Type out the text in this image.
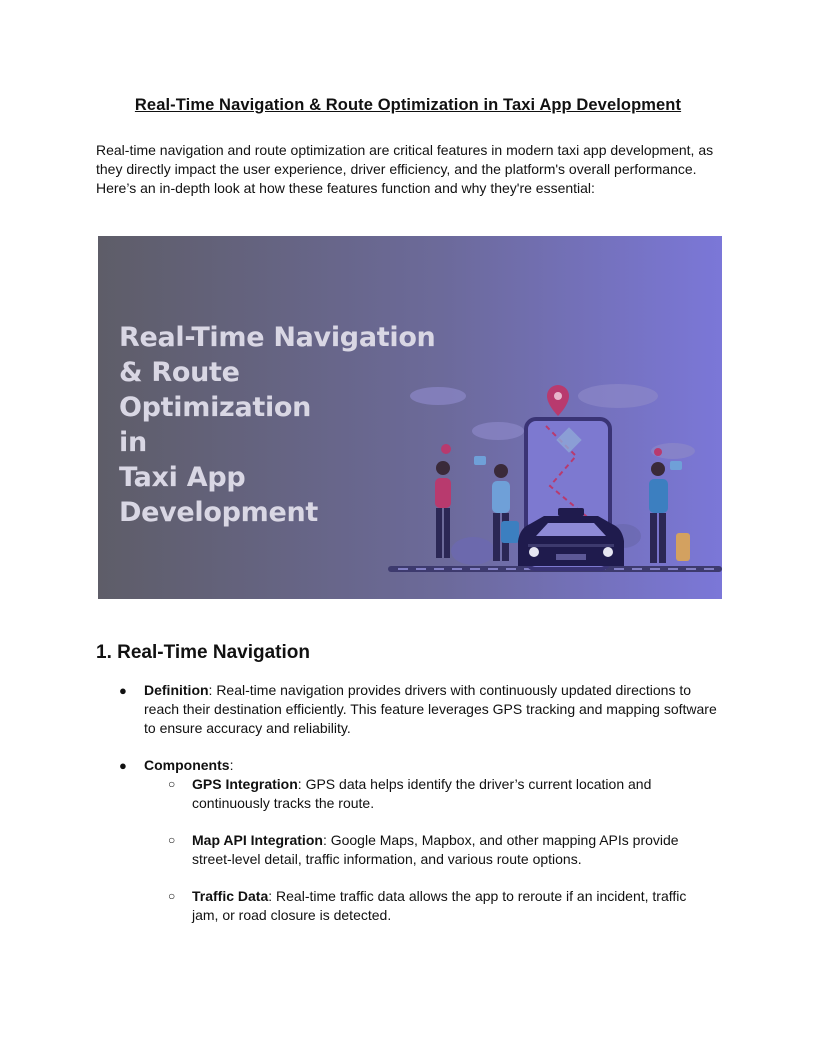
Real-Time Navigation & Route Optimization in Taxi App Development

Real-time navigation and route optimization are critical features in modern taxi app development, as they directly impact the user experience, driver efficiency, and the platform's overall performance. Here’s an in-depth look at how these features function and why they're essential:

Real-Time Navigation
& Route
Optimization
in
Taxi App
Development
1. Real-Time Navigation
● Definition: Real-time navigation provides drivers with continuously updated directions to reach their destination efficiently. This feature leverages GPS tracking and mapping software to ensure accuracy and reliability.
● Components:
○ GPS Integration: GPS data helps identify the driver’s current location and continuously tracks the route.
○ Map API Integration: Google Maps, Mapbox, and other mapping APIs provide street-level detail, traffic information, and various route options.
○ Traffic Data: Real-time traffic data allows the app to reroute if an incident, traffic jam, or road closure is detected.
